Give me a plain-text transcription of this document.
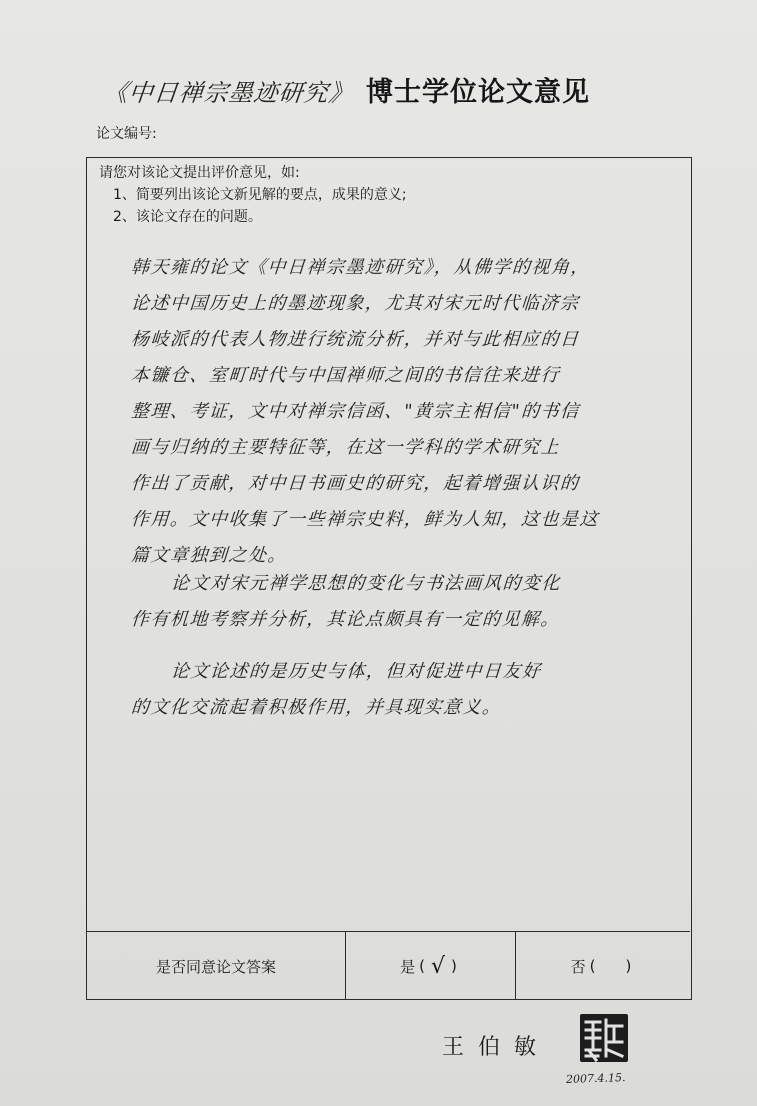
《中日禅宗墨迹研究》 博士学位论文意见
论文编号:
请您对该论文提出评价意见，如:
1、简要列出该论文新见解的要点，成果的意义;
2、该论文存在的问题。
韩天雍的论文《中日禅宗墨迹研究》，从佛学的视角，
论述中国历史上的墨迹现象，尤其对宋元时代临济宗
杨岐派的代表人物进行统流分析，并对与此相应的日
本镰仓、室町时代与中国禅师之间的书信往来进行
整理、考证，文中对禅宗信函、"黄宗主相信"的书信
画与归纳的主要特征等，在这一学科的学术研究上
作出了贡献，对中日书画史的研究，起着增强认识的
作用。文中收集了一些禅宗史料，鲜为人知，这也是这
篇文章独到之处。
论文对宋元禅学思想的变化与书法画风的变化
作有机地考察并分析，其论点颇具有一定的见解。
论文论述的是历史与体，但对促进中日友好
的文化交流起着积极作用，并具现实意义。
是否同意论文答案	是 ( √ )	否 ( )
王伯敏
2007.4.15.
